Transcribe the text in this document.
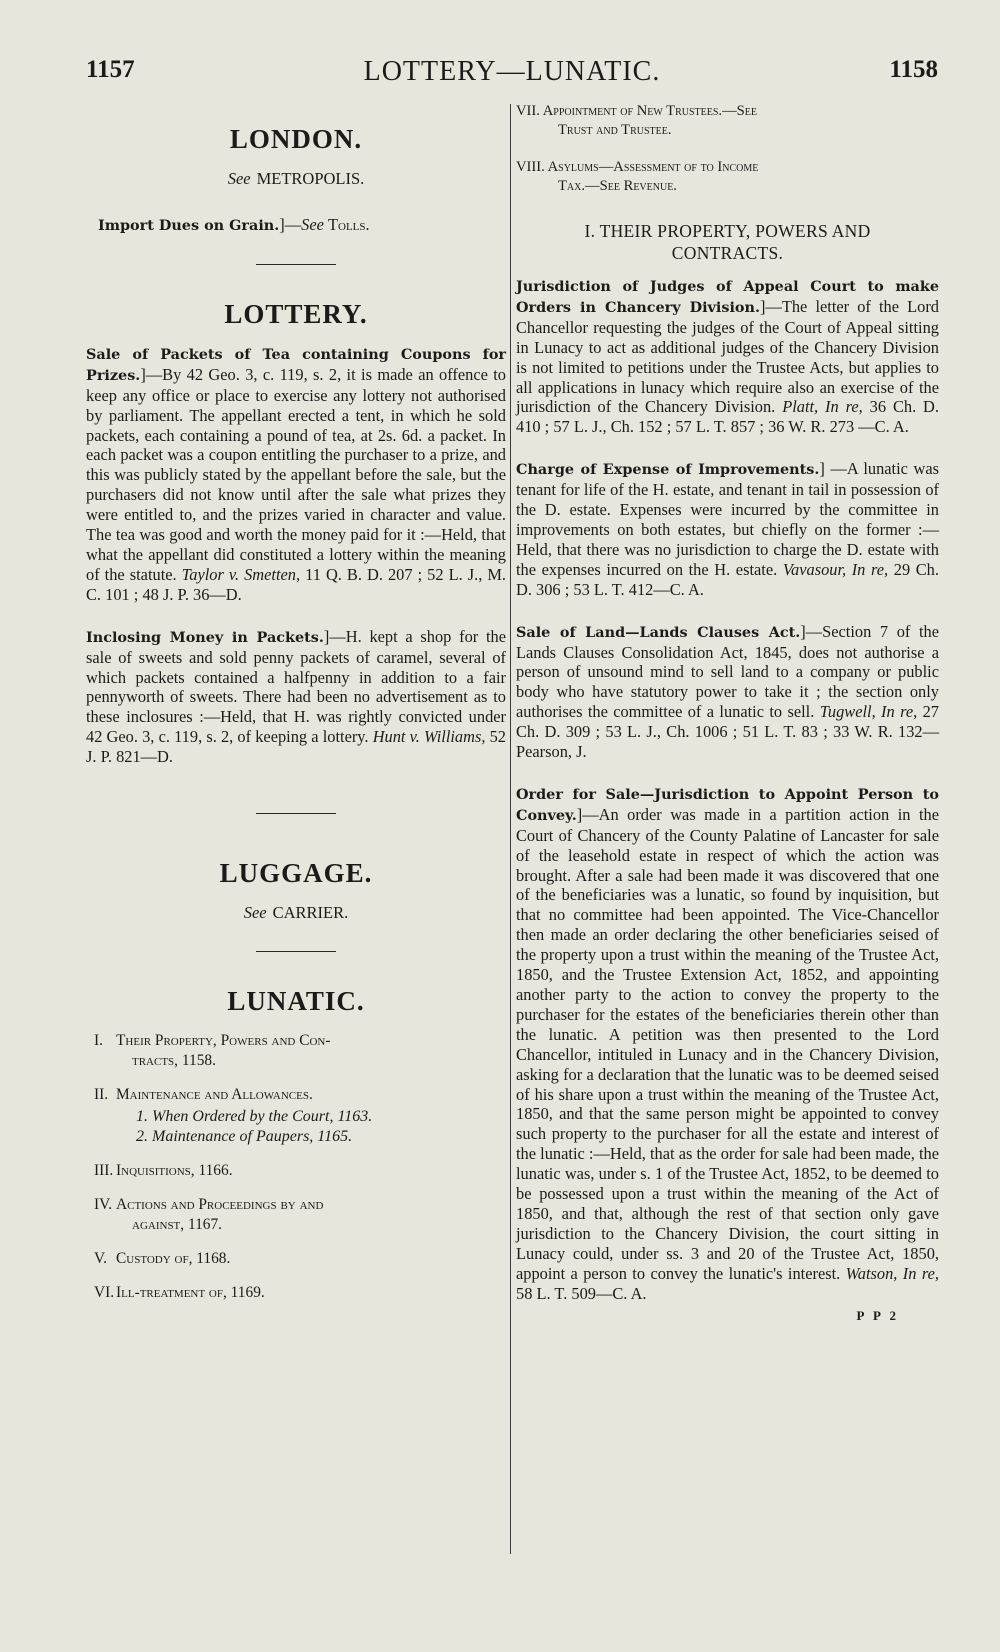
1157	LOTTERY—LUNATIC.	1158
LONDON.
See METROPOLIS.

Import Dues on Grain.]—See Tolls.

LOTTERY.

Sale of Packets of Tea containing Coupons for Prizes.]—By 42 Geo. 3, c. 119, s. 2, it is made an offence to keep any office or place to exercise any lottery not authorised by parliament. The appellant erected a tent, in which he sold packets, each containing a pound of tea, at 2s. 6d. a packet. In each packet was a coupon entitling the purchaser to a prize, and this was publicly stated by the appellant before the sale, but the purchasers did not know until after the sale what prizes they were entitled to, and the prizes varied in character and value. The tea was good and worth the money paid for it :—Held, that what the appellant did constituted a lottery within the meaning of the statute. Taylor v. Smetten, 11 Q. B. D. 207 ; 52 L. J., M. C. 101 ; 48 J. P. 36—D.

Inclosing Money in Packets.]—H. kept a shop for the sale of sweets and sold penny packets of caramel, several of which packets contained a halfpenny in addition to a fair pennyworth of sweets. There had been no advertisement as to these inclosures :—Held, that H. was rightly convicted under 42 Geo. 3, c. 119, s. 2, of keeping a lottery. Hunt v. Williams, 52 J. P. 821—D.

LUGGAGE.
See CARRIER.
LUNATIC.
I. Their Property, Powers and Con-
tracts, 1158.
II. Maintenance and Allowances.
1. When Ordered by the Court, 1163.
2. Maintenance of Paupers, 1165.
III. Inquisitions, 1166.
IV. Actions and Proceedings by and
against, 1167.
V. Custody of, 1168.
VI. Ill-treatment of, 1169.
VII. Appointment of New Trustees.—See
Trust and Trustee.
VIII. Asylums—Assessment of to Income
Tax.—See Revenue.
I. THEIR PROPERTY, POWERS AND
CONTRACTS.

Jurisdiction of Judges of Appeal Court to make Orders in Chancery Division.]—The letter of the Lord Chancellor requesting the judges of the Court of Appeal sitting in Lunacy to act as additional judges of the Chancery Division is not limited to petitions under the Trustee Acts, but applies to all applications in lunacy which require also an exercise of the jurisdiction of the Chancery Division. Platt, In re, 36 Ch. D. 410 ; 57 L. J., Ch. 152 ; 57 L. T. 857 ; 36 W. R. 273 —C. A.

Charge of Expense of Improvements.] —A lunatic was tenant for life of the H. estate, and tenant in tail in possession of the D. estate. Expenses were incurred by the committee in improvements on both estates, but chiefly on the former :—Held, that there was no jurisdiction to charge the D. estate with the expenses incurred on the H. estate. Vavasour, In re, 29 Ch. D. 306 ; 53 L. T. 412—C. A.

Sale of Land—Lands Clauses Act.]—Section 7 of the Lands Clauses Consolidation Act, 1845, does not authorise a person of unsound mind to sell land to a company or public body who have statutory power to take it ; the section only authorises the committee of a lunatic to sell. Tugwell, In re, 27 Ch. D. 309 ; 53 L. J., Ch. 1006 ; 51 L. T. 83 ; 33 W. R. 132—Pearson, J.

Order for Sale—Jurisdiction to Appoint Person to Convey.]—An order was made in a partition action in the Court of Chancery of the County Palatine of Lancaster for sale of the leasehold estate in respect of which the action was brought. After a sale had been made it was discovered that one of the beneficiaries was a lunatic, so found by inquisition, but that no committee had been appointed. The Vice-Chancellor then made an order declaring the other beneficiaries seised of the property upon a trust within the meaning of the Trustee Act, 1850, and the Trustee Extension Act, 1852, and appointing another party to the action to convey the property to the purchaser for the estates of the beneficiaries therein other than the lunatic. A petition was then presented to the Lord Chancellor, intituled in Lunacy and in the Chancery Division, asking for a declaration that the lunatic was to be deemed seised of his share upon a trust within the meaning of the Trustee Act, 1850, and that the same person might be appointed to convey such property to the purchaser for all the estate and interest of the lunatic :—Held, that as the order for sale had been made, the lunatic was, under s. 1 of the Trustee Act, 1852, to be deemed to be possessed upon a trust within the meaning of the Act of 1850, and that, although the rest of that section only gave jurisdiction to the Chancery Division, the court sitting in Lunacy could, under ss. 3 and 20 of the Trustee Act, 1850, appoint a person to convey the lunatic's interest. Watson, In re, 58 L. T. 509—C. A.

P P 2
